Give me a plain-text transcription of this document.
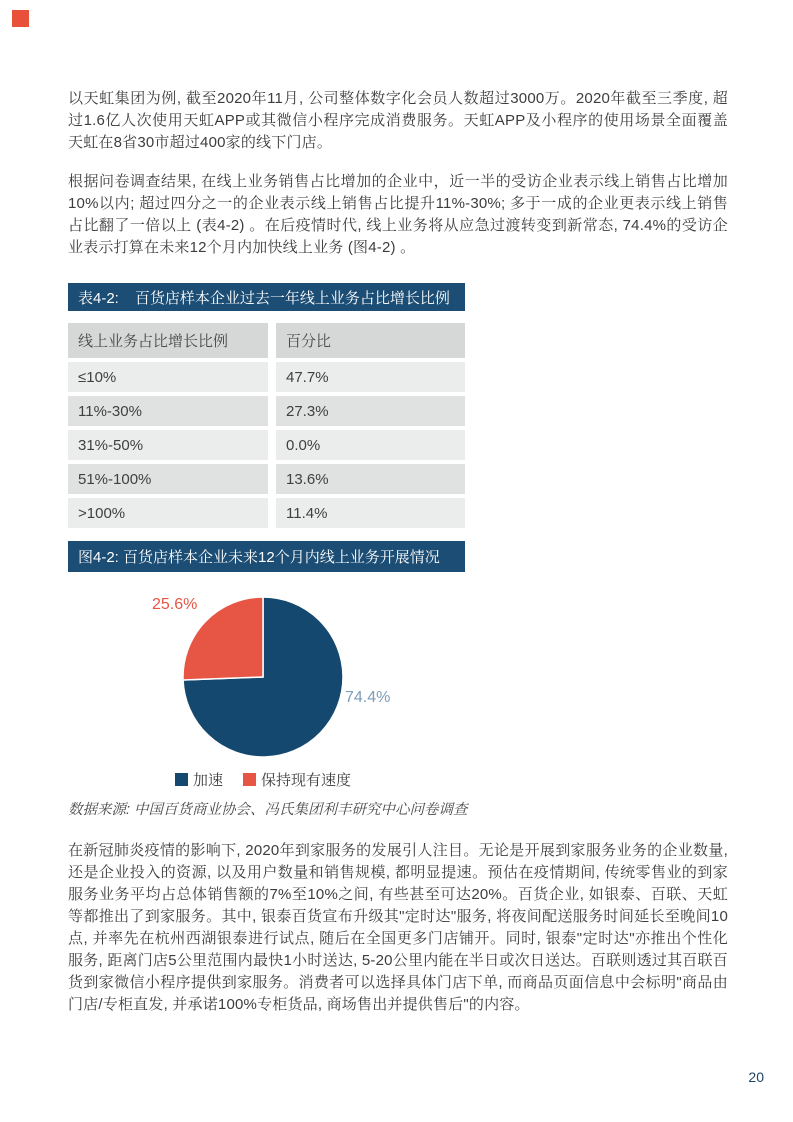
以天虹集团为例, 截至2020年11月, 公司整体数字化会员人数超过3000万。2020年截至三季度, 超过1.6亿人次使用天虹APP或其微信小程序完成消费服务。天虹APP及小程序的使用场景全面覆盖天虹在8省30市超过400家的线下门店。

根据问卷调查结果, 在线上业务销售占比增加的企业中，近一半的受访企业表示线上销售占比增加10%以内; 超过四分之一的企业表示线上销售占比提升11%-30%; 多于一成的企业更表示线上销售占比翻了一倍以上 (表4-2) 。在后疫情时代, 线上业务将从应急过渡转变到新常态, 74.4%的受访企业表示打算在未来12个月内加快线上业务 (图4-2) 。

表4-2: 百货店样本企业过去一年线上业务占比增长比例
线上业务占比增长比例	百分比
≤10%	47.7%
11%-30%	27.3%
31%-50%	0.0%
51%-100%	13.6%
>100%	11.4%
图4-2: 百货店样本企业未来12个月内线上业务开展情况
25.6%
74.4%
加速	保持现有速度

数据来源: 中国百货商业协会、冯氏集团利丰研究中心问卷调查

在新冠肺炎疫情的影响下, 2020年到家服务的发展引人注目。无论是开展到家服务业务的企业数量, 还是企业投入的资源, 以及用户数量和销售规模, 都明显提速。预估在疫情期间, 传统零售业的到家服务业务平均占总体销售额的7%至10%之间, 有些甚至可达20%。百货企业, 如银泰、百联、天虹等都推出了到家服务。其中, 银泰百货宣布升级其"定时达"服务, 将夜间配送服务时间延长至晚间10点, 并率先在杭州西湖银泰进行试点, 随后在全国更多门店铺开。同时, 银泰"定时达"亦推出个性化服务, 距离门店5公里范围内最快1小时送达, 5-20公里内能在半日或次日送达。百联则透过其百联百货到家微信小程序提供到家服务。消费者可以选择具体门店下单, 而商品页面信息中会标明"商品由门店/专柜直发, 并承诺100%专柜货品, 商场售出并提供售后"的内容。

20
